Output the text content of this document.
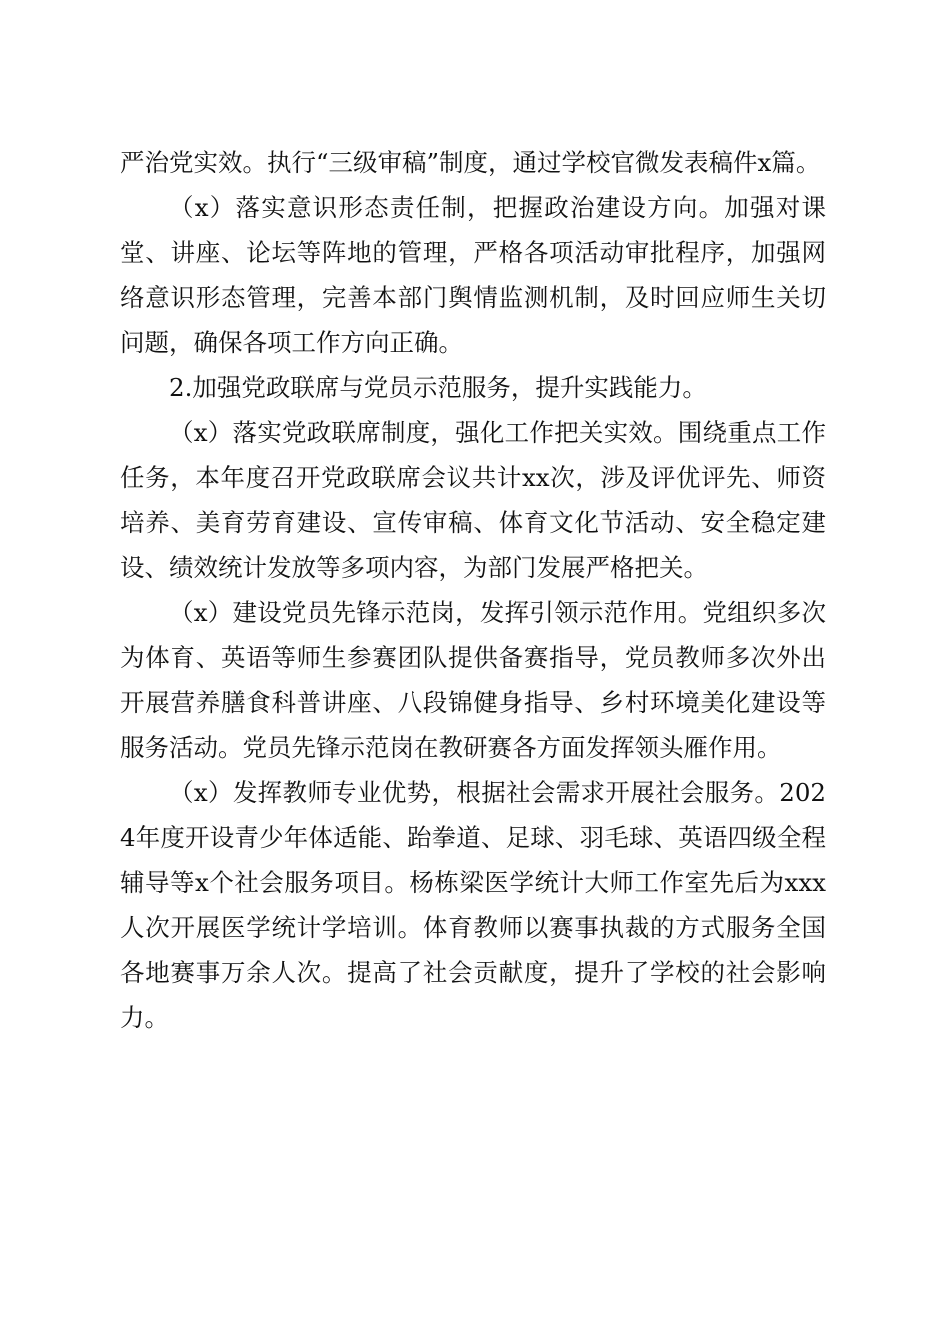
严治党实效。执行“三级审稿”制度，通过学校官微发表稿件x篇。

（x）落实意识形态责任制，把握政治建设方向。加强对课堂、讲座、论坛等阵地的管理，严格各项活动审批程序，加强网络意识形态管理，完善本部门舆情监测机制，及时回应师生关切问题，确保各项工作方向正确。

2.加强党政联席与党员示范服务，提升实践能力。

（x）落实党政联席制度，强化工作把关实效。围绕重点工作任务，本年度召开党政联席会议共计xx次，涉及评优评先、师资培养、美育劳育建设、宣传审稿、体育文化节活动、安全稳定建设、绩效统计发放等多项内容，为部门发展严格把关。

（x）建设党员先锋示范岗，发挥引领示范作用。党组织多次为体育、英语等师生参赛团队提供备赛指导，党员教师多次外出开展营养膳食科普讲座、八段锦健身指导、乡村环境美化建设等服务活动。党员先锋示范岗在教研赛各方面发挥领头雁作用。

（x）发挥教师专业优势，根据社会需求开展社会服务。2024年度开设青少年体适能、跆拳道、足球、羽毛球、英语四级全程辅导等x个社会服务项目。杨栋梁医学统计大师工作室先后为xxx人次开展医学统计学培训。体育教师以赛事执裁的方式服务全国各地赛事万余人次。提高了社会贡献度，提升了学校的社会影响力。
